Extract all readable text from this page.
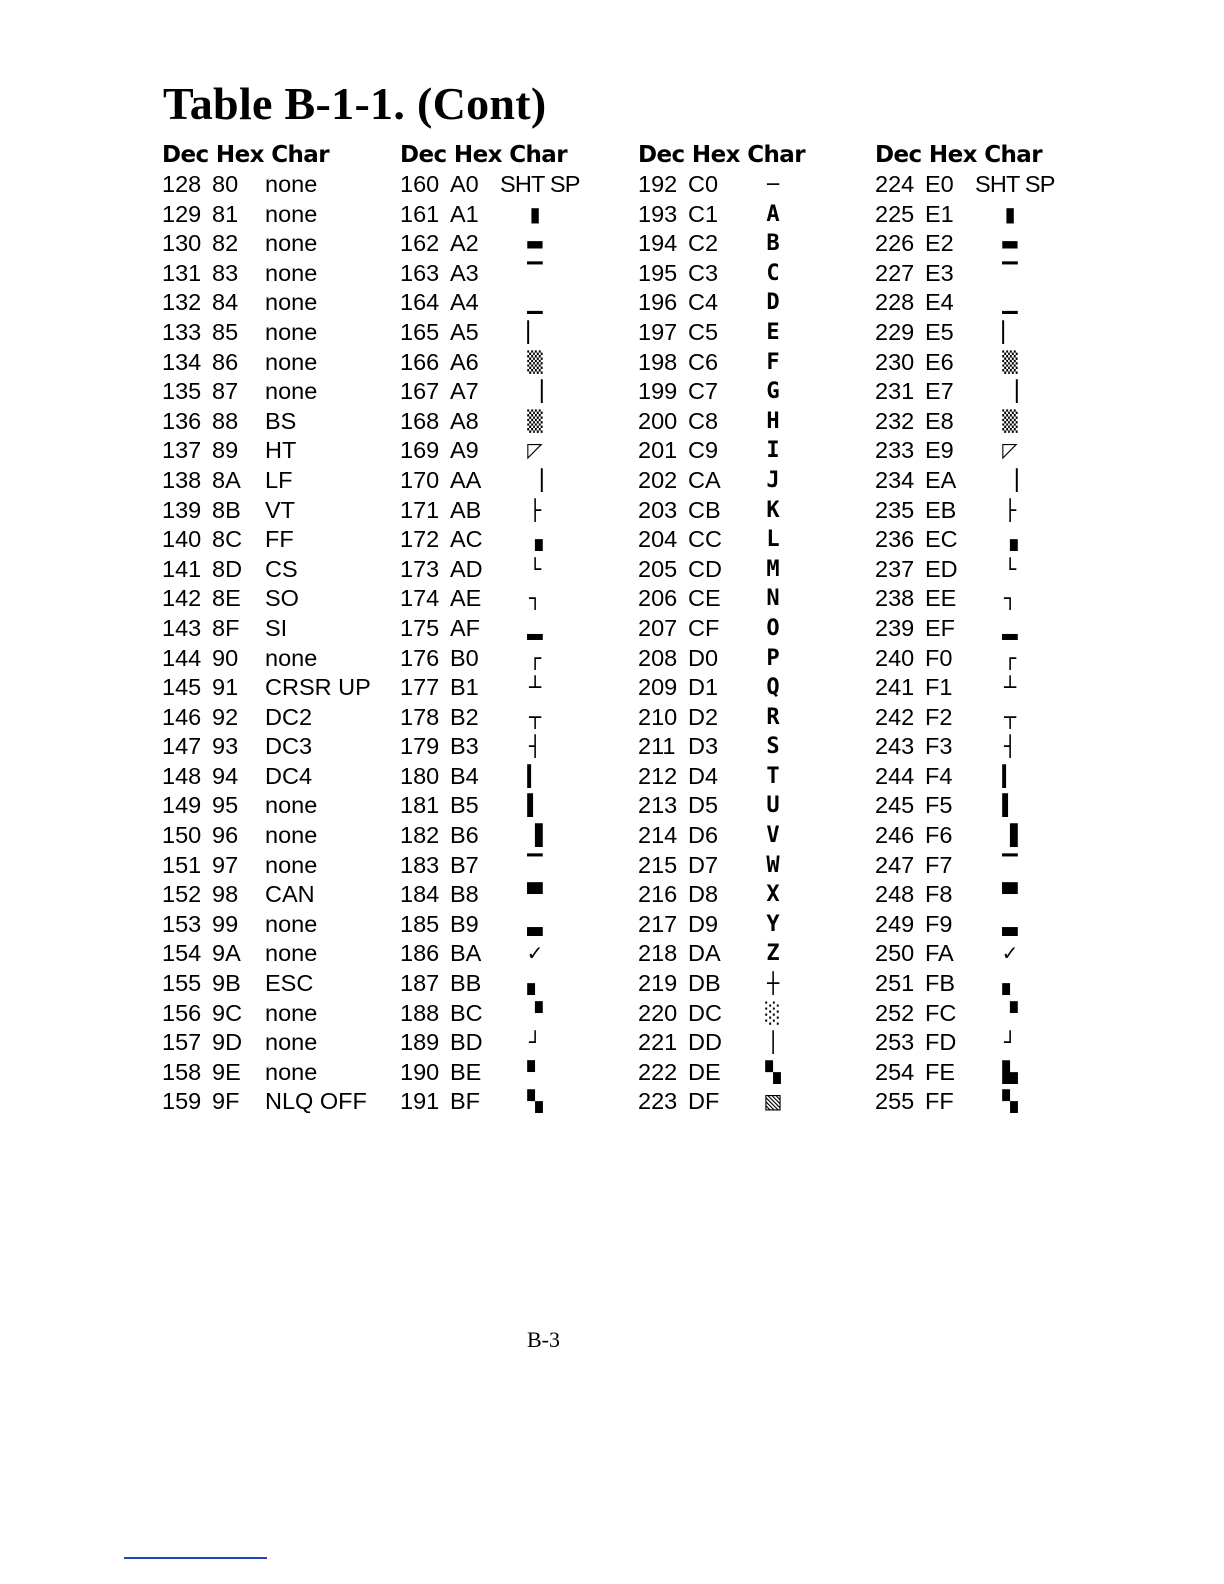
Table B-1-1. (Cont)
Dec Hex Char
128 80 none
129 81 none
130 82 none
131 83 none
132 84 none
133 85 none
134 86 none
135 87 none
136 88 BS
137 89 HT
138 8A LF
139 8B VT
140 8C FF
141 8D CS
142 8E SO
143 8F SI
144 90 none
145 91 CRSR UP
146 92 DC2
147 93 DC3
148 94 DC4
149 95 none
150 96 none
151 97 none
152 98 CAN
153 99 none
154 9A none
155 9B ESC
156 9C none
157 9D none
158 9E none
159 9F NLQ OFF
Dec Hex Char
160 A0 SHT SP
161 A1	▮
162 A2 ▬
163 A3	▔
164 A4	▁
165 A5	▏
166 A6	▒
167 A7	▕
168 A8	▒
169 A9	◸
170 AA	▕
171 AB	├
172 AC	▗
173 AD	└
174 AE	┐
175 AF	▂
176 B0	┌
177 B1	┴
178 B2	┬
179 B3	┤
180 B4	▎
181 B5	▍
182 B6	▐
183 B7	▔
184 B8	▀
185 B9	▃
186 BA	✓
187 BB	▖
188 BC	▝
189 BD	┘
190 BE	▘
191 BF	▚
Dec Hex Char
192 C0	─
193 C1	A
194 C2	B
195 C3	C
196 C4	D
197 C5	E
198 C6	F
199 C7	G
200 C8	H
201 C9	I
202 CA	J
203 CB	K
204 CC	L
205 CD	M
206 CE	N
207 CF	O
208 D0	P
209 D1	Q
210 D2	R
211 D3	S
212 D4	T
213 D5	U
214 D6	V
215 D7	W
216 D8	X
217 D9	Y
218 DA	Z
219 DB	┼
220 DC	░
221 DD	│
222 DE	▚
223 DF ▧
Dec Hex Char
224 E0 SHT SP
225 E1	▮
226 E2 ▬
227 E3	▔
228 E4	▁
229 E5	▏
230 E6	▒
231 E7	▕
232 E8	▒
233 E9	◸
234 EA	▕
235 EB	├
236 EC	▗
237 ED	└
238 EE	┐
239 EF	▂
240 F0	┌
241 F1	┴
242 F2	┬
243 F3	┤
244 F4	▎
245 F5	▍
246 F6	▐
247 F7	▔
248 F8	▀
249 F9	▃
250 FA	✓
251 FB	▖
252 FC	▝
253 FD	┘
254 FE	▙
255 FF	▚
B-3
